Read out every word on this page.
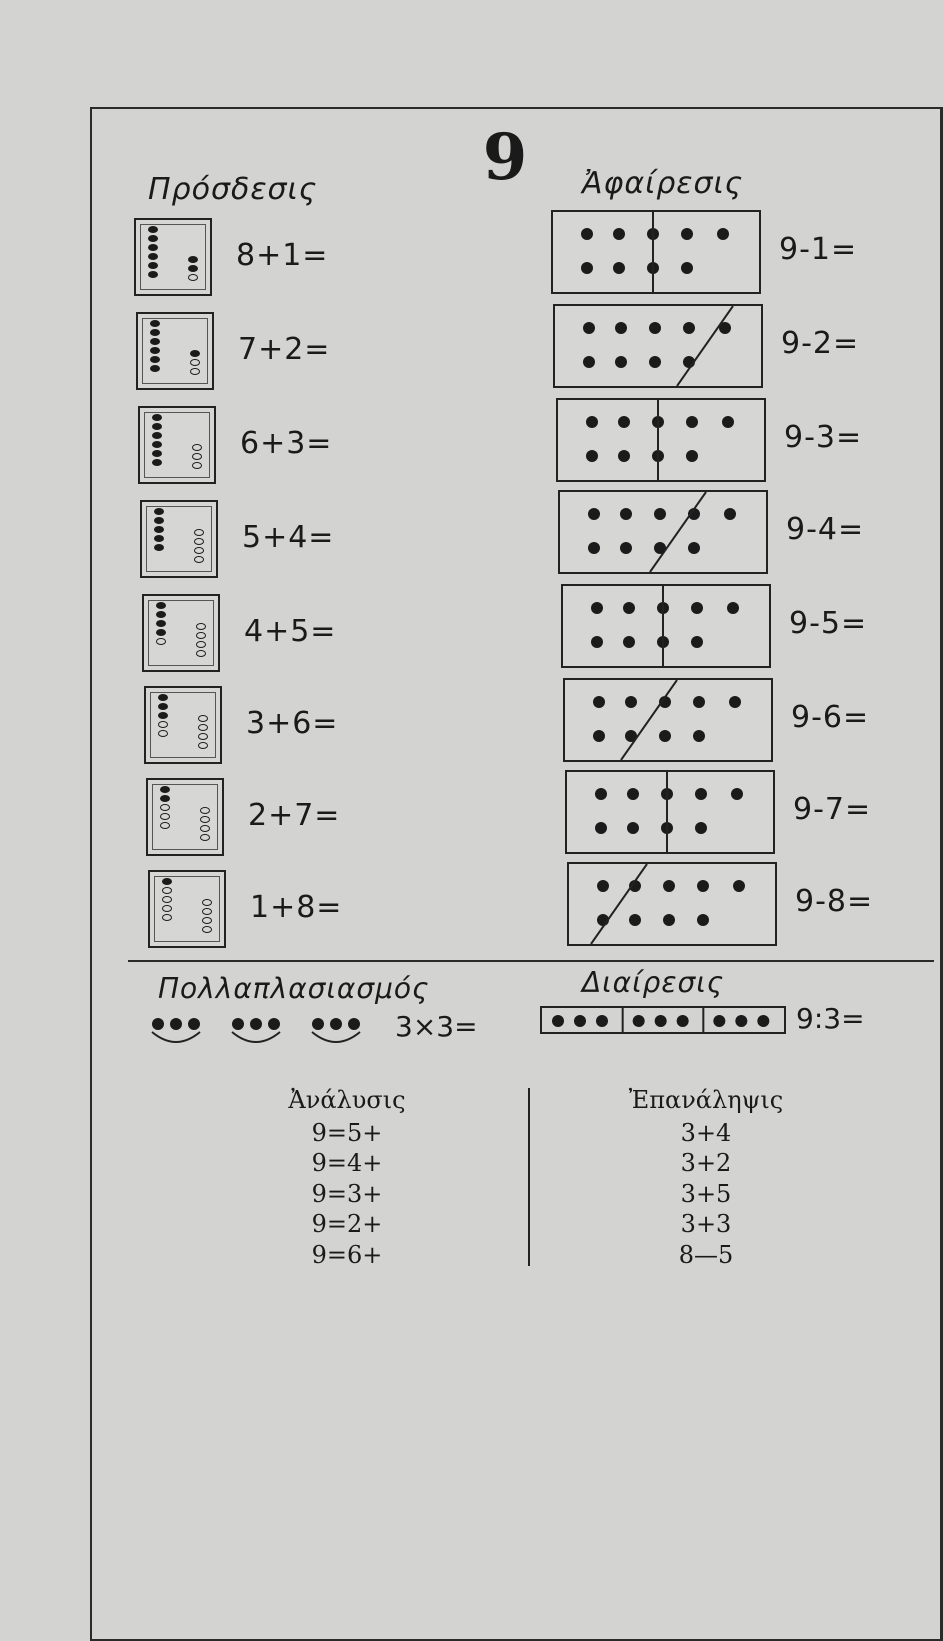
9
Πρόσδεσις	Ἀφαίρεσις
8+1=
7+2=
6+3=
5+4=
4+5=
3+6=
2+7=
1+8=
9-1=
9-2=
9-3=
9-4=
9-5=
9-6=
9-7=
9-8=
Πολλαπλασιασμός
3×3=
Διαίρεσις
9:3=
Ἀνάλυσις
9=5+
9=4+
9=3+
9=2+
9=6+
Ἐπανάληψις
3+4
3+2
3+5
3+3
8—5
